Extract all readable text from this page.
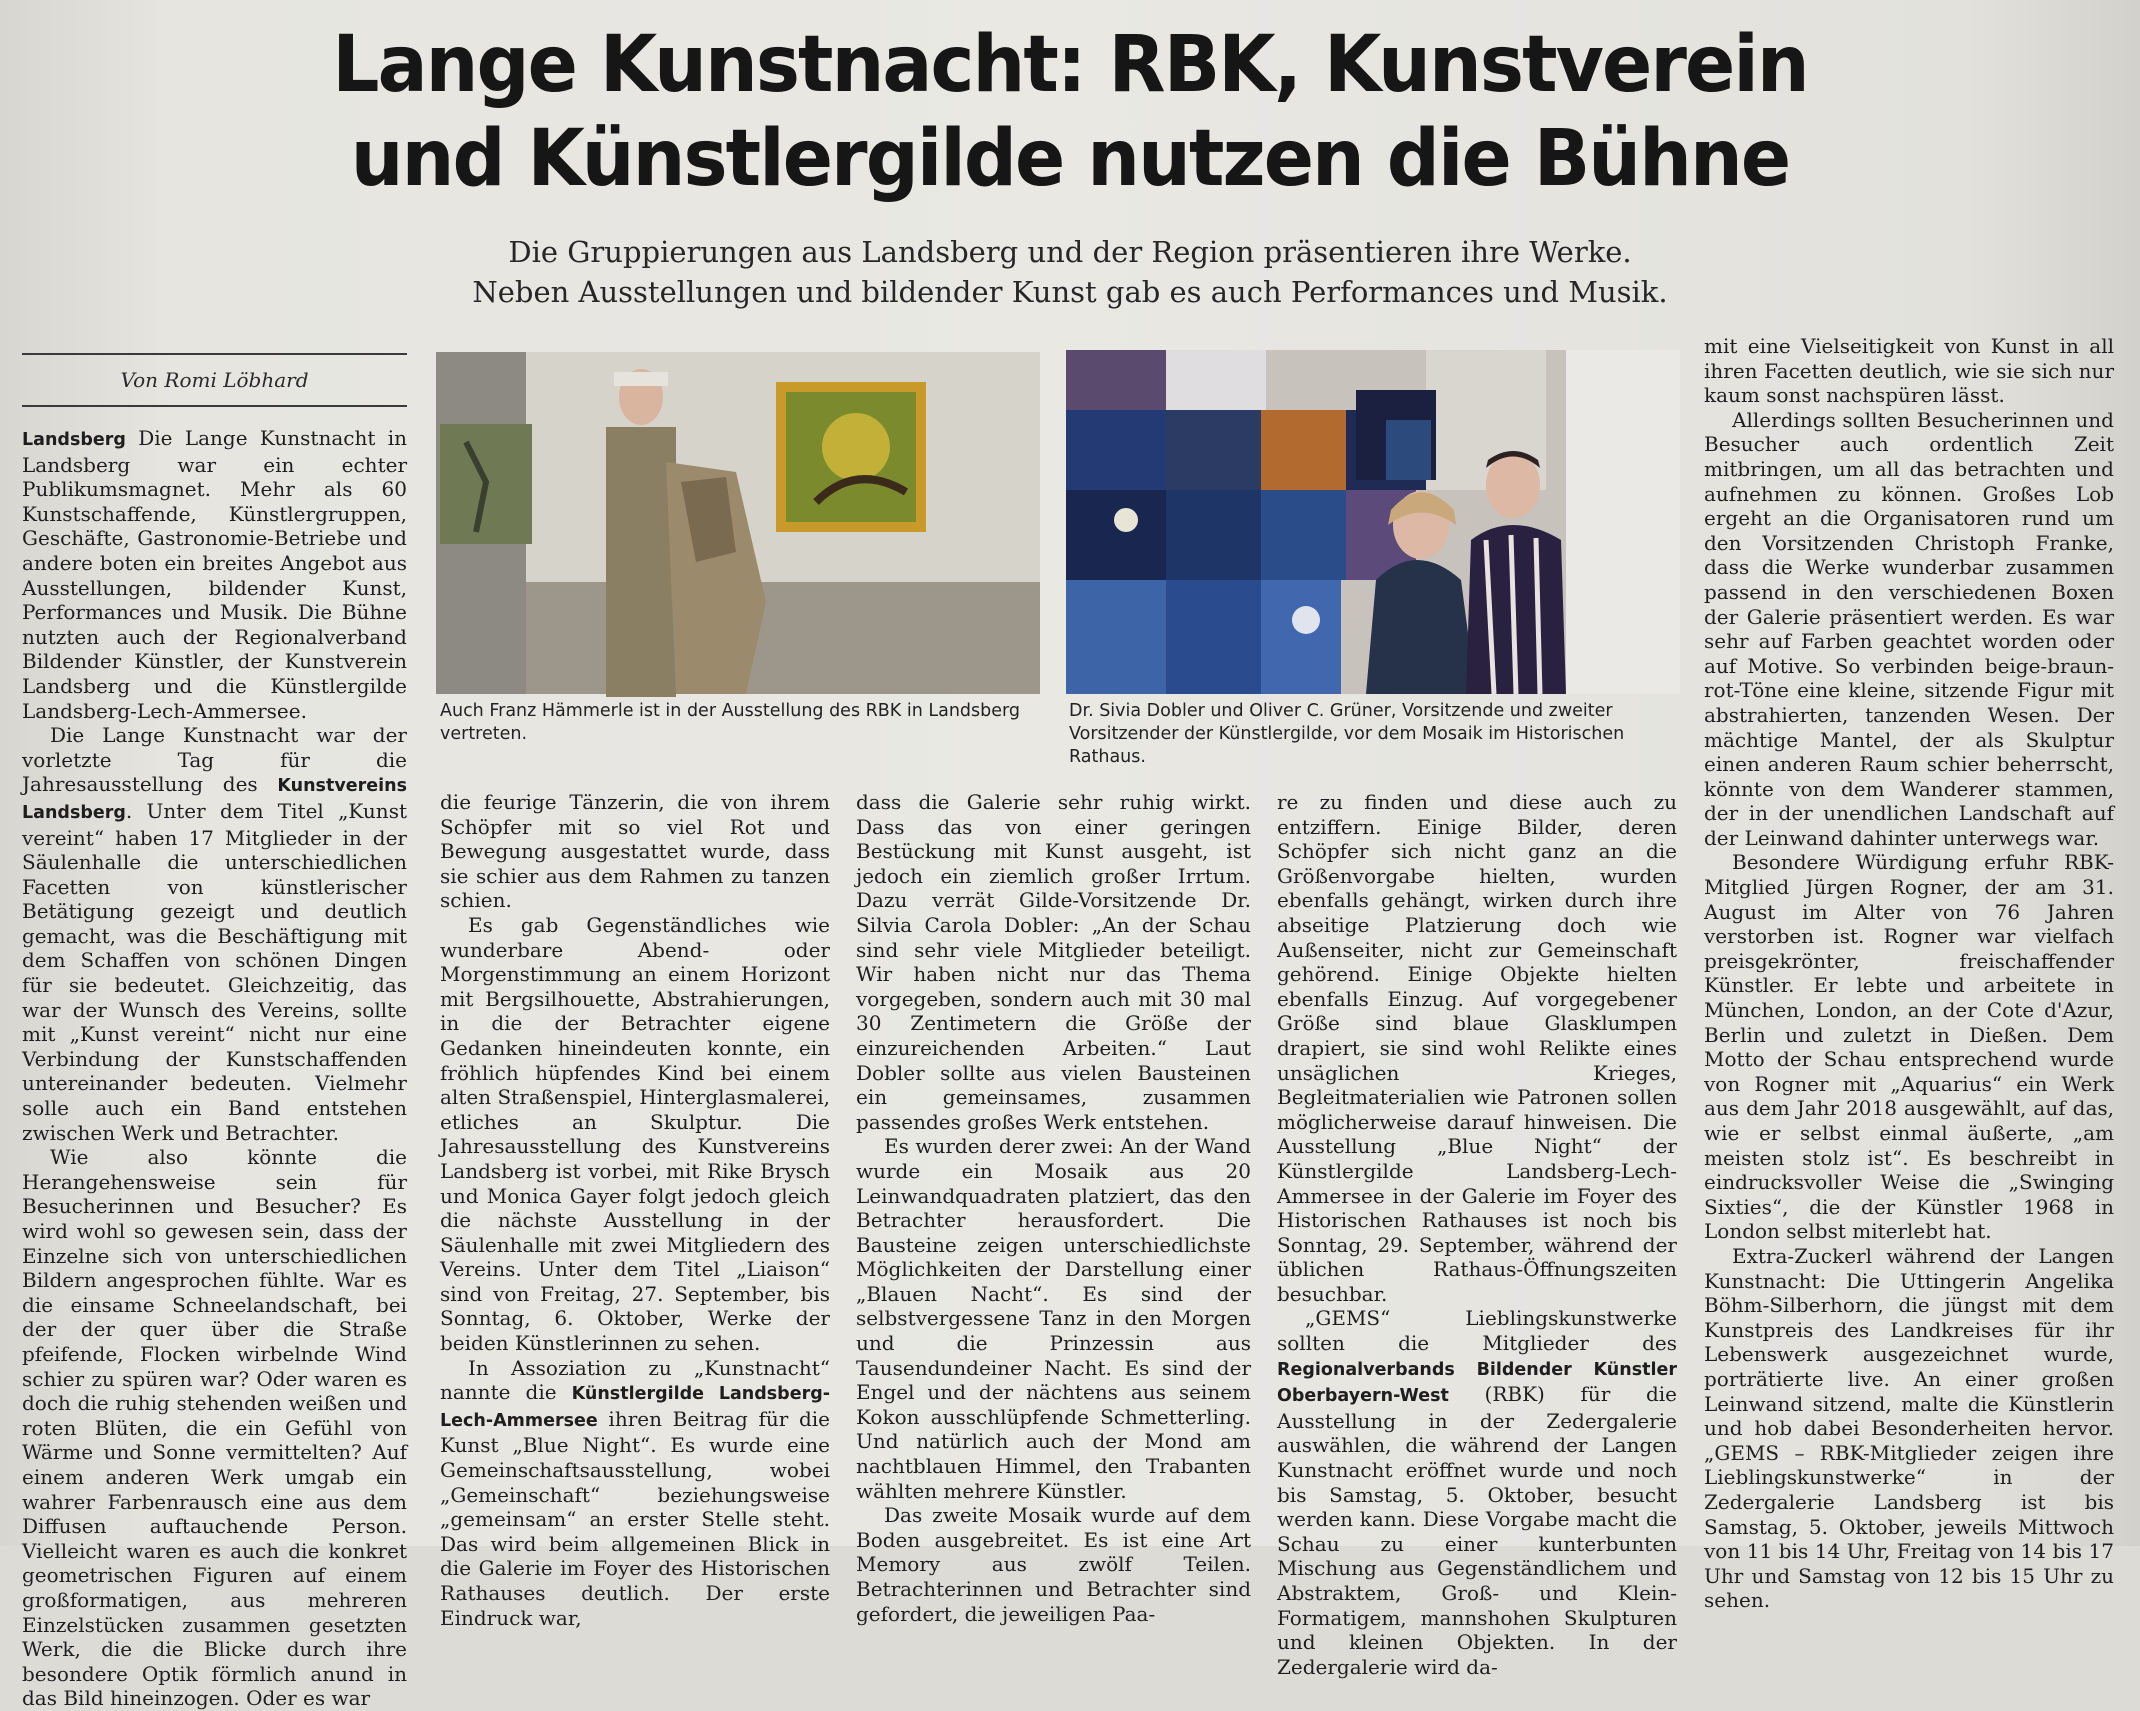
Lange Kunstnacht: RBK, Kunstverein
und Künstlergilde nutzen die Bühne
Die Gruppierungen aus Landsberg und der Region präsentieren ihre Werke.
Neben Ausstellungen und bildender Kunst gab es auch Performances und Musik.
Von Romi Löbhard

Landsberg Die Lange Kunstnacht in Landsberg war ein echter Publikumsmagnet. Mehr als 60 Kunstschaffende, Künstlergruppen, Geschäfte, Gastronomie-Betriebe und andere boten ein breites Angebot aus Ausstellungen, bildender Kunst, Performances und Musik. Die Bühne nutzten auch der Regionalverband Bildender Künstler, der Kunstverein Landsberg und die Künstlergilde Landsberg-Lech-Ammersee.

Die Lange Kunstnacht war der vorletzte Tag für die Jahresausstellung des Kunstvereins Landsberg. Unter dem Titel „Kunst vereint“ haben 17 Mitglieder in der Säulenhalle die unterschiedlichen Facetten von künstlerischer Betätigung gezeigt und deutlich gemacht, was die Beschäftigung mit dem Schaffen von schönen Dingen für sie bedeutet. Gleichzeitig, das war der Wunsch des Vereins, sollte mit „Kunst vereint“ nicht nur eine Verbindung der Kunstschaffenden untereinander bedeuten. Vielmehr solle auch ein Band entstehen zwischen Werk und Betrachter.

Wie also könnte die Herangehensweise sein für Besucherinnen und Besucher? Es wird wohl so gewesen sein, dass der Einzelne sich von unterschiedlichen Bildern angesprochen fühlte. War es die einsame Schneelandschaft, bei der der quer über die Straße pfeifende, Flocken wirbelnde Wind schier zu spüren war? Oder waren es doch die ruhig stehenden weißen und roten Blüten, die ein Gefühl von Wärme und Sonne vermittelten? Auf einem anderen Werk umgab ein wahrer Farbenrausch eine aus dem Diffusen auftauchende Person. Vielleicht waren es auch die konkret geometrischen Figuren auf einem großformatigen, aus mehreren Einzelstücken zusammen gesetzten Werk, die die Blicke durch ihre besondere Optik förmlich anund in das Bild hineinzogen. Oder es war

Auch Franz Hämmerle ist in der Ausstellung des RBK in Landsberg vertreten.
Dr. Sivia Dobler und Oliver C. Grüner, Vorsitzende und zweiter Vorsitzender der Künstlergilde, vor dem Mosaik im Historischen Rathaus.

die feurige Tänzerin, die von ihrem Schöpfer mit so viel Rot und Bewegung ausgestattet wurde, dass sie schier aus dem Rahmen zu tanzen schien.

Es gab Gegenständliches wie wunderbare Abend- oder Morgenstimmung an einem Horizont mit Bergsilhouette, Abstrahierungen, in die der Betrachter eigene Gedanken hineindeuten konnte, ein fröhlich hüpfendes Kind bei einem alten Straßenspiel, Hinterglasmalerei, etliches an Skulptur. Die Jahresausstellung des Kunstvereins Landsberg ist vorbei, mit Rike Brysch und Monica Gayer folgt jedoch gleich die nächste Ausstellung in der Säulenhalle mit zwei Mitgliedern des Vereins. Unter dem Titel „Liaison“ sind von Freitag, 27. September, bis Sonntag, 6. Oktober, Werke der beiden Künstlerinnen zu sehen.

In Assoziation zu „Kunstnacht“ nannte die Künstlergilde Landsberg-Lech-Ammersee ihren Beitrag für die Kunst „Blue Night“. Es wurde eine Gemeinschaftsausstellung, wobei „Gemeinschaft“ beziehungsweise „gemeinsam“ an erster Stelle steht. Das wird beim allgemeinen Blick in die Galerie im Foyer des Historischen Rathauses deutlich. Der erste Eindruck war,

dass die Galerie sehr ruhig wirkt. Dass das von einer geringen Bestückung mit Kunst ausgeht, ist jedoch ein ziemlich großer Irrtum. Dazu verrät Gilde-Vorsitzende Dr. Silvia Carola Dobler: „An der Schau sind sehr viele Mitglieder beteiligt. Wir haben nicht nur das Thema vorgegeben, sondern auch mit 30 mal 30 Zentimetern die Größe der einzureichenden Arbeiten.“ Laut Dobler sollte aus vielen Bausteinen ein gemeinsames, zusammen passendes großes Werk entstehen.

Es wurden derer zwei: An der Wand wurde ein Mosaik aus 20 Leinwandquadraten platziert, das den Betrachter herausfordert. Die Bausteine zeigen unterschiedlichste Möglichkeiten der Darstellung einer „Blauen Nacht“. Es sind der selbstvergessene Tanz in den Morgen und die Prinzessin aus Tausendundeiner Nacht. Es sind der Engel und der nächtens aus seinem Kokon ausschlüpfende Schmetterling. Und natürlich auch der Mond am nachtblauen Himmel, den Trabanten wählten mehrere Künstler.

Das zweite Mosaik wurde auf dem Boden ausgebreitet. Es ist eine Art Memory aus zwölf Teilen. Betrachterinnen und Betrachter sind gefordert, die jeweiligen Paa-

re zu finden und diese auch zu entziffern. Einige Bilder, deren Schöpfer sich nicht ganz an die Größenvorgabe hielten, wurden ebenfalls gehängt, wirken durch ihre abseitige Platzierung doch wie Außenseiter, nicht zur Gemeinschaft gehörend. Einige Objekte hielten ebenfalls Einzug. Auf vorgegebener Größe sind blaue Glasklumpen drapiert, sie sind wohl Relikte eines unsäglichen Krieges, Begleitmaterialien wie Patronen sollen möglicherweise darauf hinweisen. Die Ausstellung „Blue Night“ der Künstlergilde Landsberg-Lech-Ammersee in der Galerie im Foyer des Historischen Rathauses ist noch bis Sonntag, 29. September, während der üblichen Rathaus-Öffnungszeiten besuchbar.

„GEMS“ Lieblingskunstwerke sollten die Mitglieder des Regionalverbands Bildender Künstler Oberbayern-West (RBK) für die Ausstellung in der Zedergalerie auswählen, die während der Langen Kunstnacht eröffnet wurde und noch bis Samstag, 5. Oktober, besucht werden kann. Diese Vorgabe macht die Schau zu einer kunterbunten Mischung aus Gegenständlichem und Abstraktem, Groß- und Klein-Formatigem, mannshohen Skulpturen und kleinen Objekten. In der Zedergalerie wird da-

mit eine Vielseitigkeit von Kunst in all ihren Facetten deutlich, wie sie sich nur kaum sonst nachspüren lässt.

Allerdings sollten Besucherinnen und Besucher auch ordentlich Zeit mitbringen, um all das betrachten und aufnehmen zu können. Großes Lob ergeht an die Organisatoren rund um den Vorsitzenden Christoph Franke, dass die Werke wunderbar zusammen passend in den verschiedenen Boxen der Galerie präsentiert werden. Es war sehr auf Farben geachtet worden oder auf Motive. So verbinden beige-braun-rot-Töne eine kleine, sitzende Figur mit abstrahierten, tanzenden Wesen. Der mächtige Mantel, der als Skulptur einen anderen Raum schier beherrscht, könnte von dem Wanderer stammen, der in der unendlichen Landschaft auf der Leinwand dahinter unterwegs war.

Besondere Würdigung erfuhr RBK-Mitglied Jürgen Rogner, der am 31. August im Alter von 76 Jahren verstorben ist. Rogner war vielfach preisgekrönter, freischaffender Künstler. Er lebte und arbeitete in München, London, an der Cote d'Azur, Berlin und zuletzt in Dießen. Dem Motto der Schau entsprechend wurde von Rogner mit „Aquarius“ ein Werk aus dem Jahr 2018 ausgewählt, auf das, wie er selbst einmal äußerte, „am meisten stolz ist“. Es beschreibt in eindrucksvoller Weise die „Swinging Sixties“, die der Künstler 1968 in London selbst miterlebt hat.

Extra-Zuckerl während der Langen Kunstnacht: Die Uttingerin Angelika Böhm-Silberhorn, die jüngst mit dem Kunstpreis des Landkreises für ihr Lebenswerk ausgezeichnet wurde, porträtierte live. An einer großen Leinwand sitzend, malte die Künstlerin und hob dabei Besonderheiten hervor. „GEMS – RBK-Mitglieder zeigen ihre Lieblingskunstwerke“ in der Zedergalerie Landsberg ist bis Samstag, 5. Oktober, jeweils Mittwoch von 11 bis 14 Uhr, Freitag von 14 bis 17 Uhr und Samstag von 12 bis 15 Uhr zu sehen.
